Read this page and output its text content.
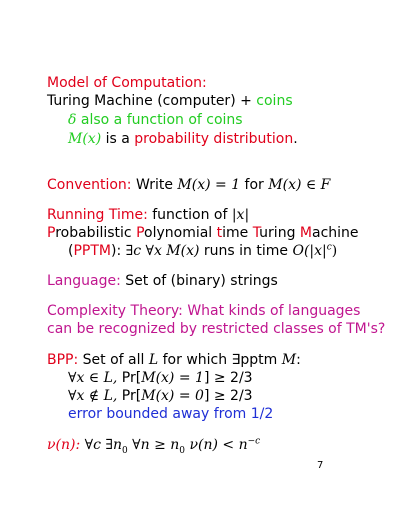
Model of Computation:
Turing Machine (computer) + coins
δ also a function of coins
M(x) is a probability distribution.
Convention: Write M(x) = 1 for M(x) ∈ F
Running Time: function of |x|
Probabilistic Polynomial time Turing Machine
(PPTM): ∃c ∀x M(x) runs in time $O(|x|^c)$
Language: Set of (binary) strings
Complexity Theory: What kinds of languages
can be recognized by restricted classes of TM's?
BPP: Set of all L for which ∃pptm M:
∀x ∈ L, Pr[M(x) = 1] ≥ 2/3
∀x ∉ L, Pr[M(x) = 0] ≥ 2/3
error bounded away from 1/2
ν(n): ∀c $\exists n_0$ ∀n ≥ $n_0$ $\nu(n) < n^{-c}$
7
